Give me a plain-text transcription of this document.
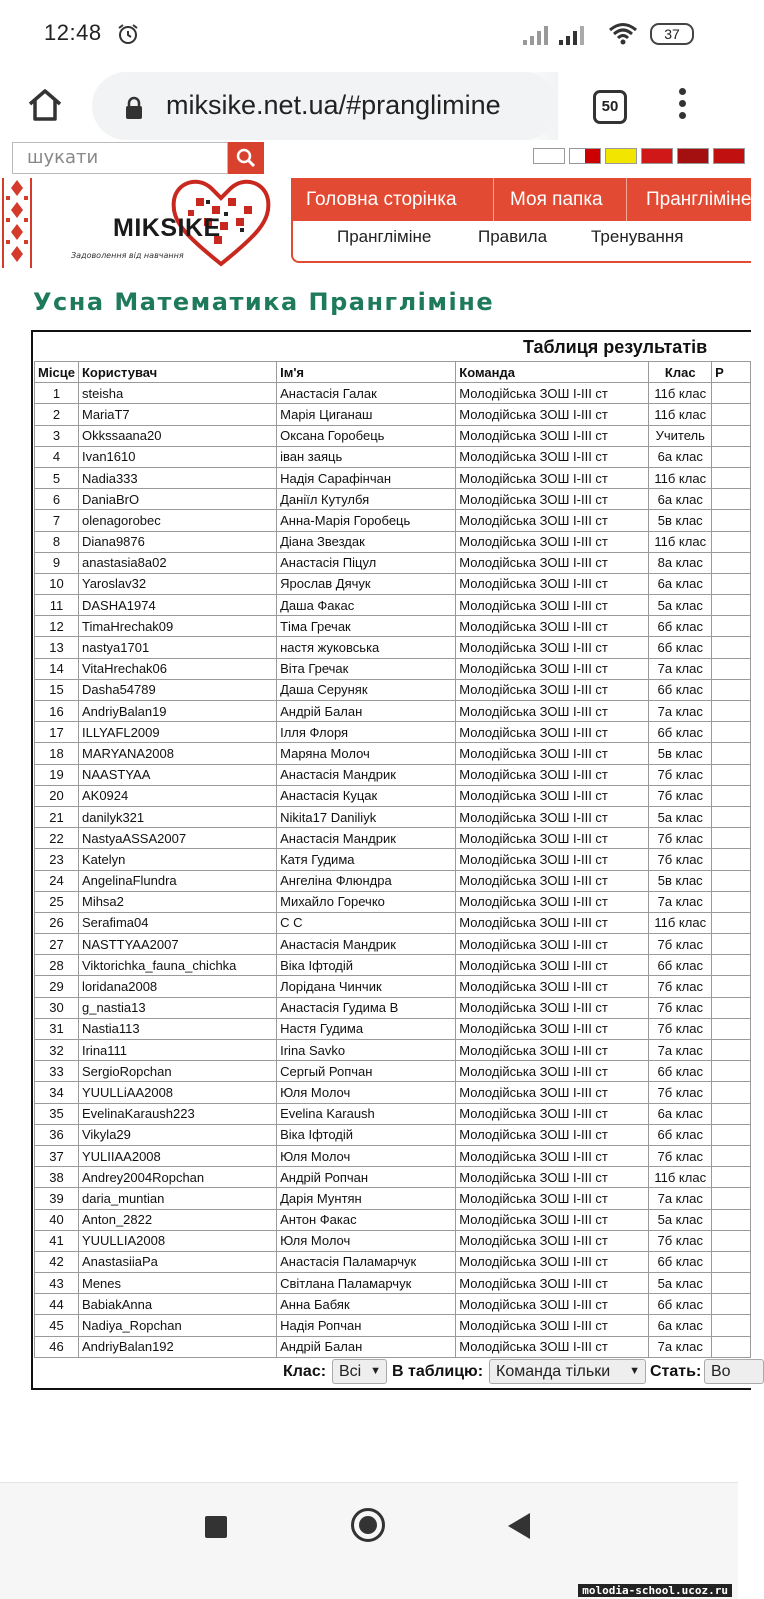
12:48	37
miksike.net.ua/#pranglimine	50
шукати
MIKSIKE
Задоволення від навчання
Головна сторінка	Моя папка Прангліміне
Прангліміне	Правила	Тренування
Усна Математика Прангліміне
Таблиця результатів
Місце	Користувач	Ім'я	Команда	Клас	Р
1	steisha	Анастасія Галак	Молодійська ЗОШ І-ІІІ ст	11б клас	
2	MariaT7	Марія Циганаш	Молодійська ЗОШ І-ІІІ ст	11б клас	
3	Okkssaana20	Оксана Горобець	Молодійська ЗОШ І-ІІІ ст	Учитель	
4	Ivan1610	іван заяць	Молодійська ЗОШ І-ІІІ ст	6а клас	
5	Nadia333	Надія Сарафінчан	Молодійська ЗОШ І-ІІІ ст	11б клас	
6	DaniaBrO	Даніїл Кутулбя	Молодійська ЗОШ І-ІІІ ст	6а клас	
7	olenagorobec	Анна-Марія Горобець	Молодійська ЗОШ І-ІІІ ст	5в клас	
8	Diana9876	Діана Звездак	Молодійська ЗОШ І-ІІІ ст	11б клас	
9	anastasia8a02	Анастасія Піцул	Молодійська ЗОШ І-ІІІ ст	8а клас	
10	Yaroslav32	Ярослав Дячук	Молодійська ЗОШ І-ІІІ ст	6а клас	
11	DASHA1974	Даша Факас	Молодійська ЗОШ І-ІІІ ст	5а клас	
12	TimaHrechak09	Тіма Гречак	Молодійська ЗОШ І-ІІІ ст	6б клас	
13	nastya1701	настя жуковська	Молодійська ЗОШ І-ІІІ ст	6б клас	
14	VitaHrechak06	Віта Гречак	Молодійська ЗОШ І-ІІІ ст	7а клас	
15	Dasha54789	Даша Серуняк	Молодійська ЗОШ І-ІІІ ст	6б клас	
16	AndriyBalan19	Андрій Балан	Молодійська ЗОШ І-ІІІ ст	7а клас	
17	ILLYAFL2009	Ілля Флоря	Молодійська ЗОШ І-ІІІ ст	6б клас	
18	MARYANA2008	Маряна Молоч	Молодійська ЗОШ І-ІІІ ст	5в клас	
19	NAASTYAA	Анастасія Мандрик	Молодійська ЗОШ І-ІІІ ст	7б клас	
20	AK0924	Анастасія Куцак	Молодійська ЗОШ І-ІІІ ст	7б клас	
21	danilyk321	Nikita17 Daniliyk	Молодійська ЗОШ І-ІІІ ст	5а клас	
22	NastyaASSA2007	Анастасія Мандрик	Молодійська ЗОШ І-ІІІ ст	7б клас	
23	Katelyn	Катя Гудима	Молодійська ЗОШ І-ІІІ ст	7б клас	
24	AngelinaFlundra	Ангеліна Флюндра	Молодійська ЗОШ І-ІІІ ст	5в клас	
25	Mihsa2	Михайло Горечко	Молодійська ЗОШ І-ІІІ ст	7а клас	
26	Serafima04	С С	Молодійська ЗОШ І-ІІІ ст	11б клас	
27	NASTTYAA2007	Анастасія Мандрик	Молодійська ЗОШ І-ІІІ ст	7б клас	
28	Viktorichka_fauna_chichka	Віка Іфтодій	Молодійська ЗОШ І-ІІІ ст	6б клас	
29	loridana2008	Лорідана Чинчик	Молодійська ЗОШ І-ІІІ ст	7б клас	
30	g_nastia13	Анастасія Гудима В	Молодійська ЗОШ І-ІІІ ст	7б клас	
31	Nastia113	Настя Гудима	Молодійська ЗОШ І-ІІІ ст	7б клас	
32	Irina111	Irina Savko	Молодійська ЗОШ І-ІІІ ст	7а клас	
33	SergioRopchan	Сергый Ропчан	Молодійська ЗОШ І-ІІІ ст	6б клас	
34	YUULLiAA2008	Юля Молоч	Молодійська ЗОШ І-ІІІ ст	7б клас	
35	EvelinaKaraush223	Evelina Karaush	Молодійська ЗОШ І-ІІІ ст	6а клас	
36	Vikyla29	Віка Іфтодій	Молодійська ЗОШ І-ІІІ ст	6б клас	
37	YULIIAA2008	Юля Молоч	Молодійська ЗОШ І-ІІІ ст	7б клас	
38	Andrey2004Ropchan	Андрій Ропчан	Молодійська ЗОШ І-ІІІ ст	11б клас	
39	daria_muntian	Дарія Мунтян	Молодійська ЗОШ І-ІІІ ст	7а клас	
40	Anton_2822	Антон Факас	Молодійська ЗОШ І-ІІІ ст	5а клас	
41	YUULLIA2008	Юля Молоч	Молодійська ЗОШ І-ІІІ ст	7б клас	
42	AnastasiiaPa	Анастасія Паламарчук	Молодійська ЗОШ І-ІІІ ст	6б клас	
43	Menes	Світлана Паламарчук	Молодійська ЗОШ І-ІІІ ст	5а клас	
44	BabiakAnna	Анна Бабяк	Молодійська ЗОШ І-ІІІ ст	6б клас	
45	Nadiya_Ropchan	Надія Ропчан	Молодійська ЗОШ І-ІІІ ст	6а клас	
46	AndriyBalan192	Андрій Балан	Молодійська ЗОШ І-ІІІ ст	7а клас	
Клас: Всі ▼ В таблицю: Команда тільки ▼ Стать: Во
molodia-school.ucoz.ru
